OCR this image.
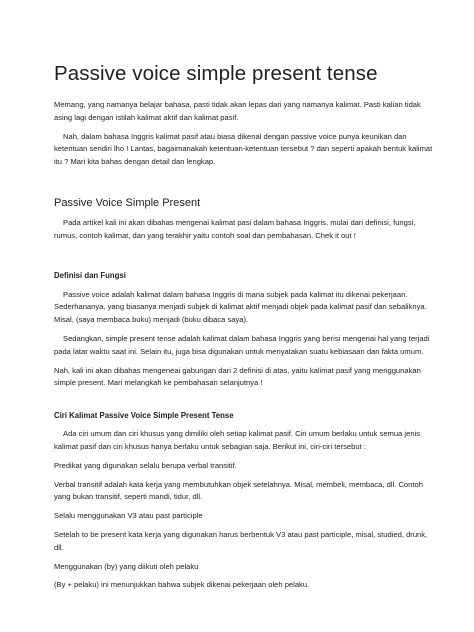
Passive voice simple present tense

Memang, yang namanya belajar bahasa, pasti tidak akan lepas dari yang namanya kalimat. Pasti kalian tidak asing lagi dengan istilah kalimat aktif dan kalimat pasif.

Nah, dalam bahasa Inggris kalimat pasif atau biasa dikenal dengan passive voice punya keunikan dan ketentuan sendiri lho ! Lantas, bagaimanakah ketentuan-ketentuan tersebut ? dan seperti apakah bentuk kalimat itu ? Mari kita bahas dengan detail dan lengkap.

Passive Voice Simple Present

Pada artikel kali ini akan dibahas mengenai kalimat pasi dalam bahasa Inggris, mulai dari definisi, fungsi, rumus, contoh kalimat, dan yang terakhir yaitu contoh soal dan pembahasan. Chek it out !

Definisi dan Fungsi

Passive voice adalah kalimat dalam bahasa Inggris di mana subjek pada kalimat itu dikenai pekerjaan. Sederhananya, yang biasanya menjadi subjek di kalimat aktif menjadi objek pada kalimat pasif dan sebaliknya. Misal, (saya membaca buku) menjadi (buku dibaca saya).

Sedangkan, simple present tense adalah kalimat dalam bahasa Inggris yang berisi mengenai hal yang terjadi pada latar waktu saat ini. Selain itu, juga bisa digunakan untuk menyatakan suatu kebiasaan dan fakta umum.

Nah, kali ini akan dibahas mengeneai gabungan dari 2 definisi di atas, yaitu kalimat pasif yang menggunakan simple present. Mari melangkah ke pembahasan selanjutnya !

Ciri Kalimat Passive Voice Simple Present Tense

Ada ciri umum dan ciri khusus yang dimiliki oleh setiap kalimat pasif. Ciri umum berlaku untuk semua jenis kalimat pasif dan ciri khusus hanya berlaku untuk sebagian saja. Berikut ini, ciri-ciri tersebut :

Predikat yang digunakan selalu berupa verbal transitif.

Verbal transitif adalah kata kerja yang membutuhkan objek setelahnya. Misal, membeli, membaca, dll. Contoh yang bukan transitif, seperti mandi, tidur, dll.

Selalu menggunakan V3 atau past participle

Setelah to be present kata kerja yang digunakan harus berbentuk V3 atau past participle, misal, studied, drunk, dll.

Menggunakan (by) yang diikuti oleh pelaku

(By + pelaku) ini menunjukkan bahwa subjek dikenai pekerjaan oleh pelaku.
